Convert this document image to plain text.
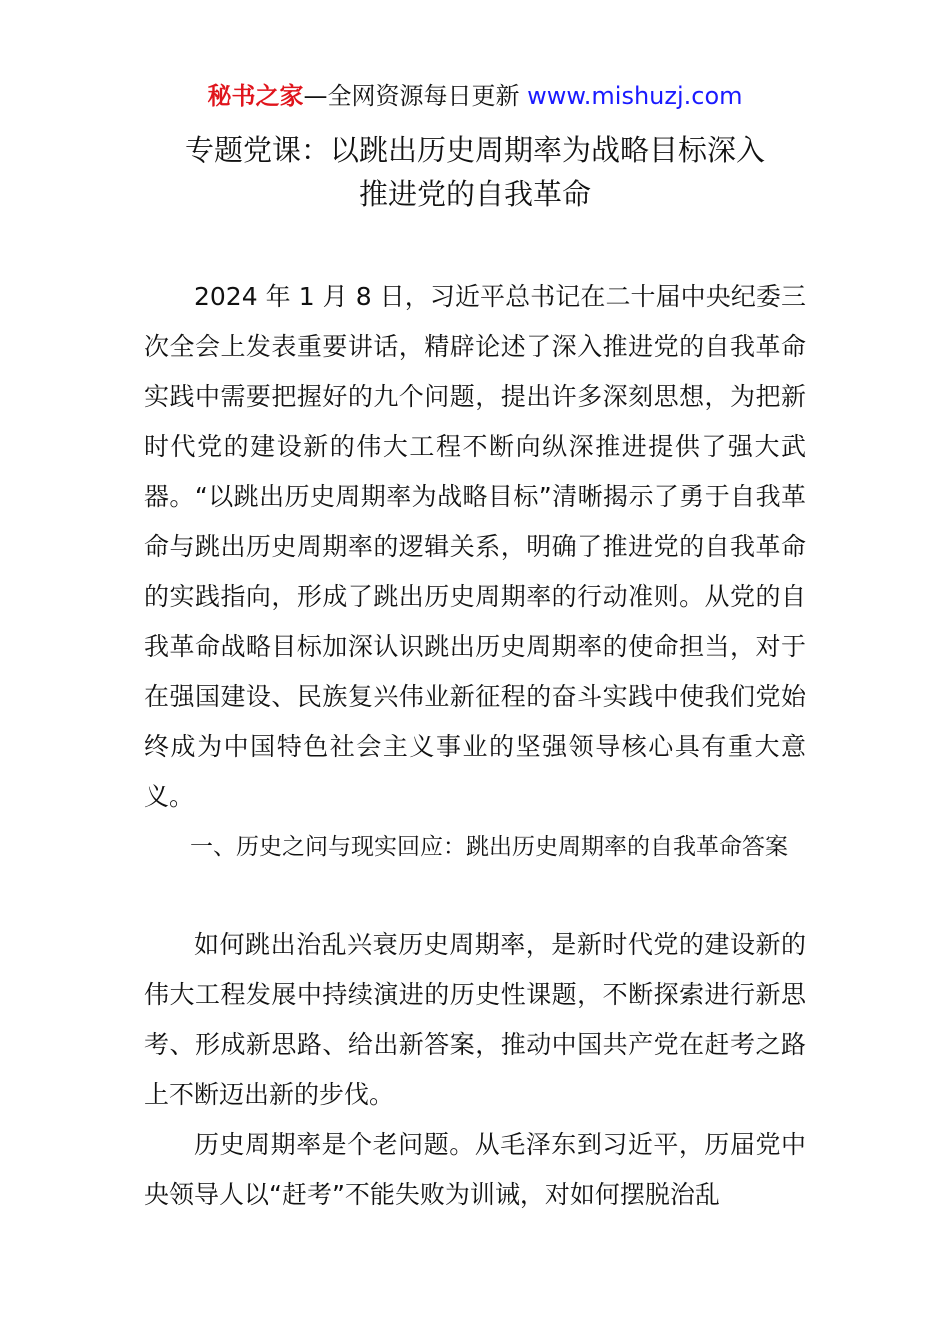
秘书之家—全网资源每日更新 www.mishuzj.com
专题党课：以跳出历史周期率为战略目标深入
推进党的自我革命

2024 年 1 月 8 日，习近平总书记在二十届中央纪委三次全会上发表重要讲话，精辟论述了深入推进党的自我革命实践中需要把握好的九个问题，提出许多深刻思想，为把新时代党的建设新的伟大工程不断向纵深推进提供了强大武器。“以跳出历史周期率为战略目标”清晰揭示了勇于自我革命与跳出历史周期率的逻辑关系，明确了推进党的自我革命的实践指向，形成了跳出历史周期率的行动准则。从党的自我革命战略目标加深认识跳出历史周期率的使命担当，对于在强国建设、民族复兴伟业新征程的奋斗实践中使我们党始终成为中国特色社会主义事业的坚强领导核心具有重大意义。

一、历史之问与现实回应：跳出历史周期率的自我革命答案

如何跳出治乱兴衰历史周期率，是新时代党的建设新的伟大工程发展中持续演进的历史性课题，不断探索进行新思考、形成新思路、给出新答案，推动中国共产党在赶考之路上不断迈出新的步伐。

历史周期率是个老问题。从毛泽东到习近平，历届党中央领导人以“赶考”不能失败为训诫，对如何摆脱治乱
